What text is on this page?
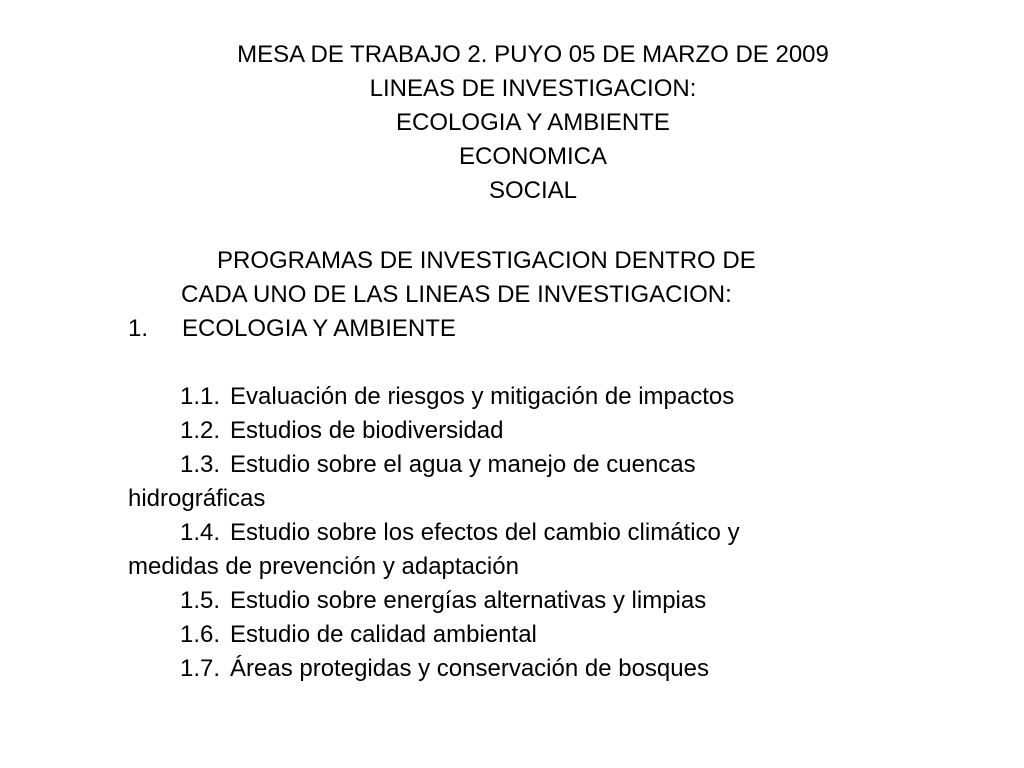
MESA DE TRABAJO 2. PUYO 05 DE MARZO DE 2009
LINEAS DE INVESTIGACION:
ECOLOGIA Y AMBIENTE
ECONOMICA
SOCIAL
PROGRAMAS DE INVESTIGACION DENTRO DE
CADA UNO DE LAS LINEAS DE INVESTIGACION:
1. ECOLOGIA Y AMBIENTE
1.1. Evaluación de riesgos y mitigación de impactos
1.2. Estudios de biodiversidad
1.3. Estudio sobre el agua y manejo de cuencas
hidrográficas
1.4. Estudio sobre los efectos del cambio climático y
medidas de prevención y adaptación
1.5. Estudio sobre energías alternativas y limpias
1.6. Estudio de calidad ambiental
1.7. Áreas protegidas y conservación de bosques
